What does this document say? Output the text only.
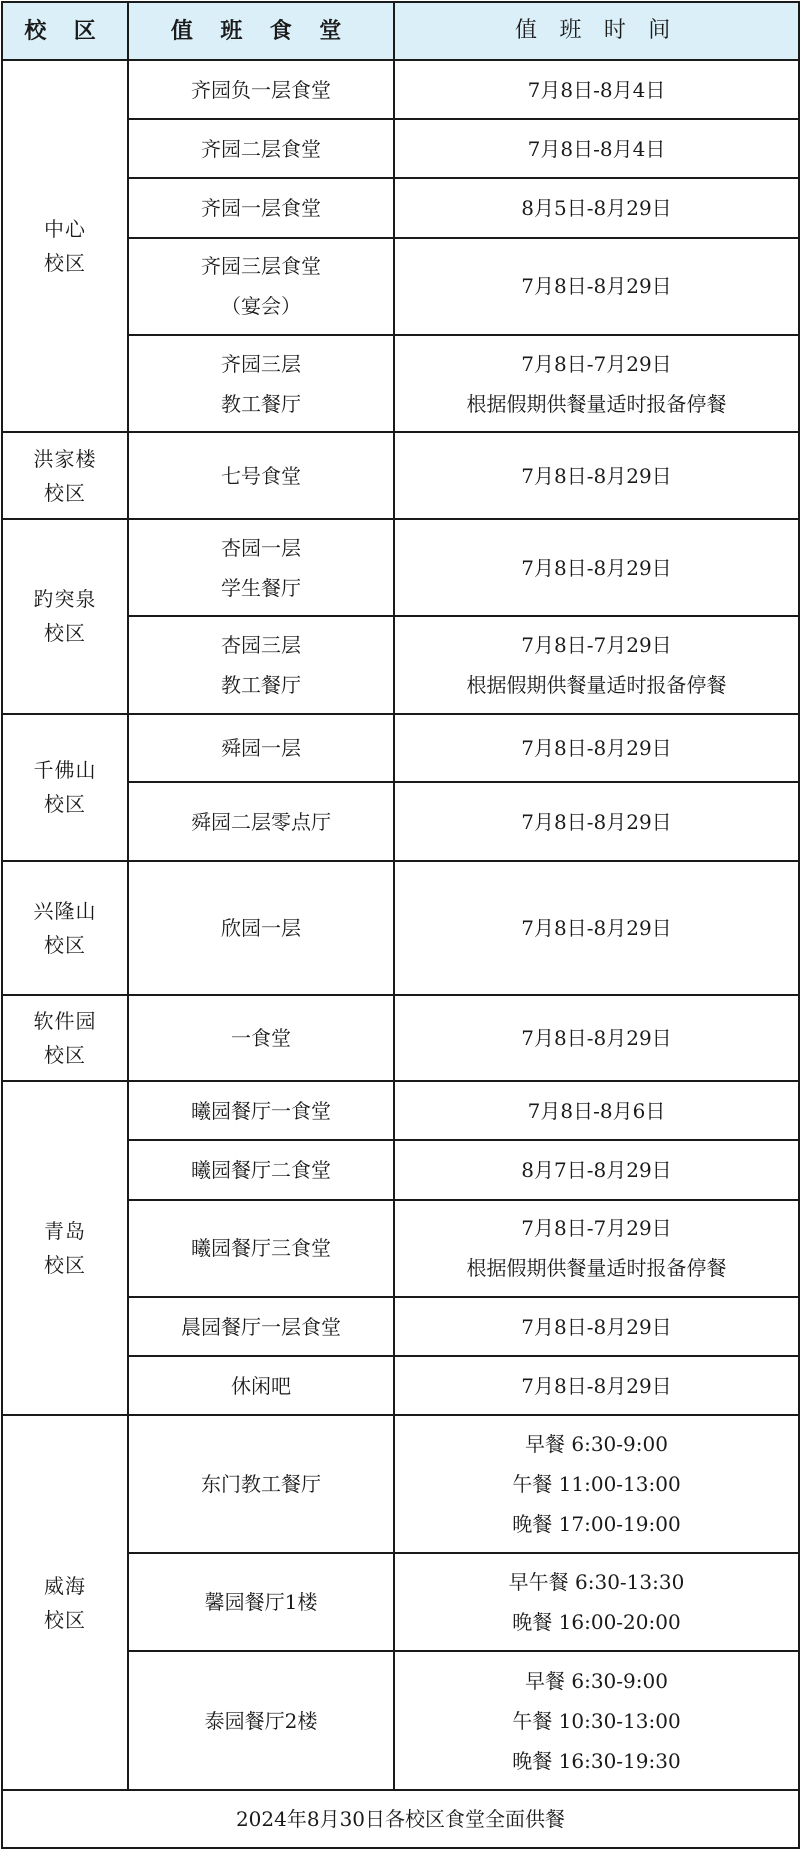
校 区	值 班 食 堂	值 班 时 间

中心
校区	齐园负一层食堂	7月8日-8月4日

	齐园二层食堂	7月8日-8月4日

	齐园一层食堂	8月5日-8月29日

	齐园三层食堂
（宴会）	7月8日-8月29日

	齐园三层
教工餐厅	7月8日-7月29日
根据假期供餐量适时报备停餐

洪家楼
校区	七号食堂	7月8日-8月29日

趵突泉
校区	杏园一层
学生餐厅	7月8日-8月29日

	杏园三层
教工餐厅	7月8日-7月29日
根据假期供餐量适时报备停餐

千佛山
校区	舜园一层	7月8日-8月29日

	舜园二层零点厅	7月8日-8月29日

兴隆山
校区	欣园一层	7月8日-8月29日

软件园
校区	一食堂	7月8日-8月29日

青岛
校区	曦园餐厅一食堂	7月8日-8月6日

	曦园餐厅二食堂	8月7日-8月29日

	曦园餐厅三食堂	7月8日-7月29日
根据假期供餐量适时报备停餐

	晨园餐厅一层食堂	7月8日-8月29日

	休闲吧	7月8日-8月29日

威海
校区	东门教工餐厅	早餐 6:30-9:00
午餐 11:00-13:00
晚餐 17:00-19:00

	馨园餐厅1楼	早午餐 6:30-13:30
晚餐 16:00-20:00

	泰园餐厅2楼	早餐 6:30-9:00
午餐 10:30-13:00
晚餐 16:30-19:30

2024年8月30日各校区食堂全面供餐		
